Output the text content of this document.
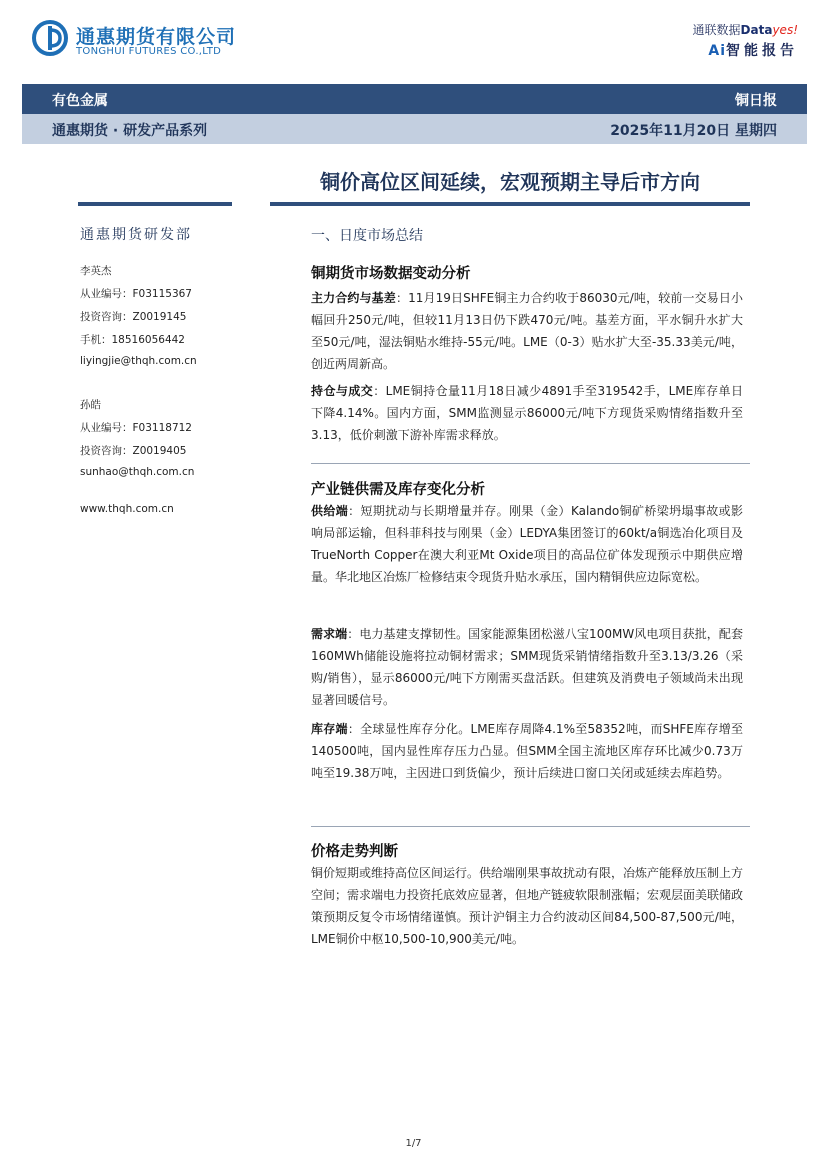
通惠期货有限公司
TONGHUI FUTURES CO.,LTD
通联数据Datayes!
Ai智能报告
有色金属	铜日报
通惠期货 · 研发产品系列	2025年11月20日 星期四
铜价高位区间延续，宏观预期主导后市方向
通惠期货研发部
李英杰
从业编号：F03115367
投资咨询：Z0019145
手机：18516056442
liyingjie@thqh.com.cn
孙皓
从业编号：F03118712
投资咨询：Z0019405
sunhao@thqh.com.cn
www.thqh.com.cn
一、日度市场总结
铜期货市场数据变动分析
主力合约与基差：11月19日SHFE铜主力合约收于86030元/吨，较前一交易日小幅回升250元/吨，但较11月13日仍下跌470元/吨。基差方面，平水铜升水扩大至50元/吨，湿法铜贴水维持-55元/吨。LME（0-3）贴水扩大至-35.33美元/吨，创近两周新高。
持仓与成交：LME铜持仓量11月18日减少4891手至319542手，LME库存单日下降4.14%。国内方面，SMM监测显示86000元/吨下方现货采购情绪指数升至3.13，低价刺激下游补库需求释放。
产业链供需及库存变化分析
供给端：短期扰动与长期增量并存。刚果（金）Kalando铜矿桥梁坍塌事故或影响局部运输，但科菲科技与刚果（金）LEDYA集团签订的60kt/a铜选冶化项目及TrueNorth Copper在澳大利亚Mt Oxide项目的高品位矿体发现预示中期供应增量。华北地区冶炼厂检修结束令现货升贴水承压，国内精铜供应边际宽松。
需求端：电力基建支撑韧性。国家能源集团松滋八宝100MW风电项目获批，配套160MWh储能设施将拉动铜材需求；SMM现货采销情绪指数升至3.13/3.26（采购/销售），显示86000元/吨下方刚需买盘活跃。但建筑及消费电子领域尚未出现显著回暖信号。
库存端：全球显性库存分化。LME库存周降4.1%至58352吨，而SHFE库存增至140500吨，国内显性库存压力凸显。但SMM全国主流地区库存环比减少0.73万吨至19.38万吨，主因进口到货偏少，预计后续进口窗口关闭或延续去库趋势。
价格走势判断
铜价短期或维持高位区间运行。供给端刚果事故扰动有限，冶炼产能释放压制上方空间；需求端电力投资托底效应显著，但地产链疲软限制涨幅；宏观层面美联储政策预期反复令市场情绪谨慎。预计沪铜主力合约波动区间84,500-87,500元/吨，LME铜价中枢10,500-10,900美元/吨。
1/7
